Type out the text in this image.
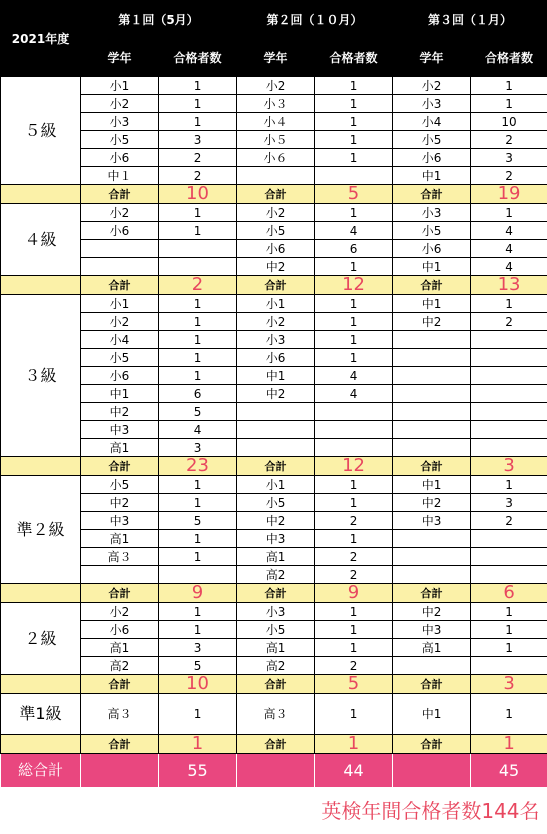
2021年度	第１回（5月）		第２回（１０月）		第３回（１月）	
	学年	合格者数	学年	合格者数	学年	合格者数
５級	小1	1	小2	1	小2	1
	小2	1	小３	1	小3	1
	小3	1	小４	1	小4	10
	小5	3	小５	1	小5	2
	小6	2	小６	1	小6	3
	中１	2			中1	2
	合計	10	合計	5	合計	19

４級	小2	1	小2	1	小3	1
	小6	1	小5	4	小5	4
			小6	6	小6	4
			中2	1	中1	4
	合計	2	合計	12	合計	13

３級	小1	1	小1	1	中1	1
	小2	1	小2	1	中2	2
	小4	1	小3	1		
	小5	1	小6	1		
	小6	1	中1	4		
	中1	6	中2	4		
	中2	5				
	中3	4				
	高1	3				
	合計	23	合計	12	合計	3

準２級	小5	1	小1	1	中1	1
	中2	1	小5	1	中2	3
	中3	5	中2	2	中3	2
	高1	1	中3	1		
	高３	1	高1	2		
			高2	2		
	合計	9	合計	9	合計	6

２級	小2	1	小3	1	中2	1
	小6	1	小5	1	中3	1
	高1	3	高1	1	高1	1
	高2	5	高2	2		
	合計	10	合計	5	合計	3

準1級	高３	1	高３	1	中1	1
	合計	1	合計	1	合計	1

総合計		55		44		45
英検年間合格者数144名						
